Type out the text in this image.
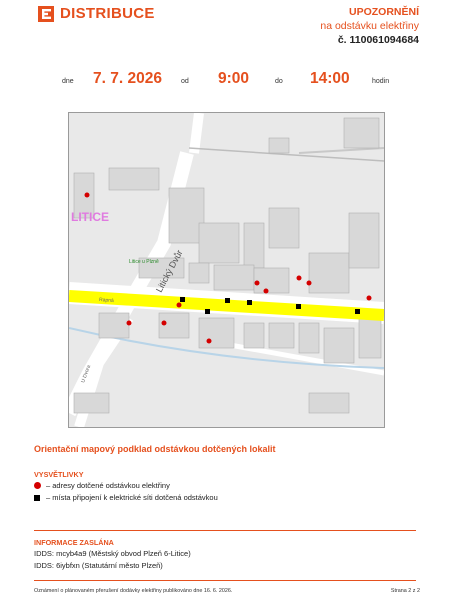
DISTRIBUCE	UPOZORNĚNÍ
na odstávku elektřiny
č. 110061094684
dne 7. 7. 2026	od 9:00	do 14:00	hodin
LITICE
Litický Dvůr
Rapná
Litice u Plzně
U Dvora
Orientační mapový podklad odstávkou dotčených lokalit
VYSVĚTLIVKY
– adresy dotčené odstávkou elektřiny
– místa připojení k elektrické síti dotčená odstávkou
INFORMACE ZASLÁNA
IDDS: mcyb4a9 (Městský obvod Plzeň 6-Litice)
IDDS: 6iybfxn (Statutární město Plzeň)
Oznámení o plánovaném přerušení dodávky elektřiny publikováno dne 16. 6. 2026.	Strana 2 z 2
